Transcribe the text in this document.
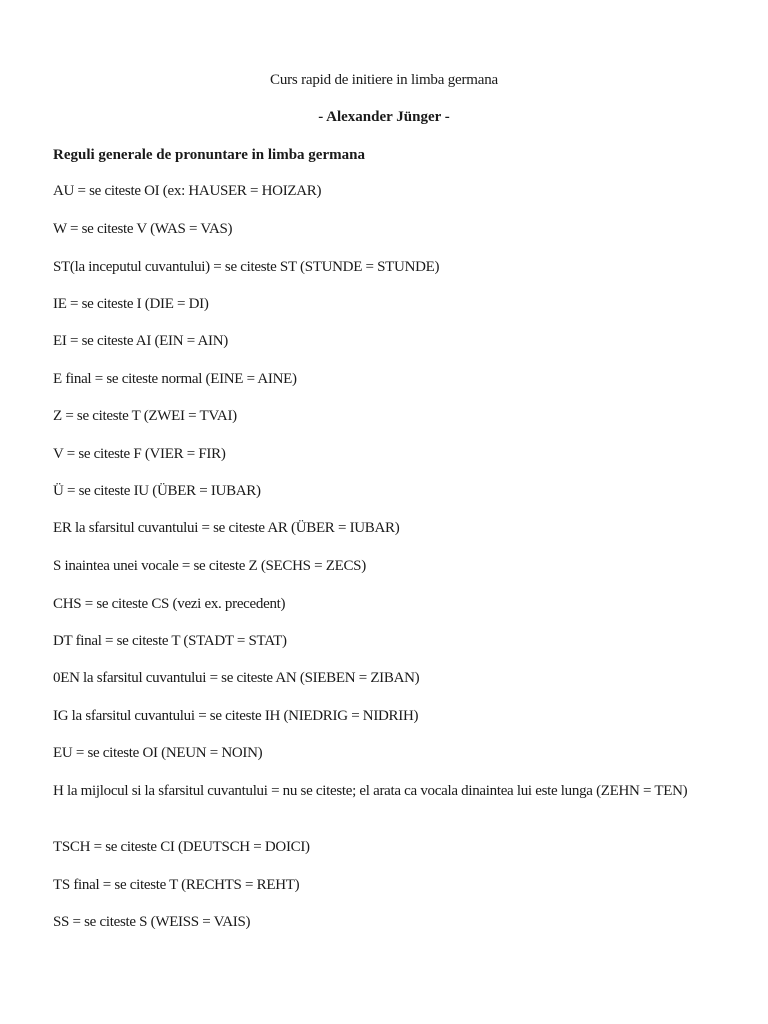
Curs rapid de initiere in limba germana
- Alexander Jünger -
Reguli generale de pronuntare in limba germana
AU = se citeste OI (ex: HAUSER = HOIZAR)
W = se citeste V (WAS = VAS)
ST(la inceputul cuvantului) = se citeste ST (STUNDE = STUNDE)
IE = se citeste I (DIE = DI)
EI = se citeste AI (EIN = AIN)
E final = se citeste normal (EINE = AINE)
Z = se citeste T (ZWEI = TVAI)
V = se citeste F (VIER = FIR)
Ü = se citeste IU (ÜBER = IUBAR)
ER la sfarsitul cuvantului = se citeste AR (ÜBER = IUBAR)
S inaintea unei vocale = se citeste Z (SECHS = ZECS)
CHS = se citeste CS (vezi ex. precedent)
DT final = se citeste T (STADT = STAT)
0EN la sfarsitul cuvantului = se citeste AN (SIEBEN = ZIBAN)
IG la sfarsitul cuvantului = se citeste IH (NIEDRIG = NIDRIH)
EU = se citeste OI (NEUN = NOIN)
H la mijlocul si la sfarsitul cuvantului = nu se citeste; el arata ca vocala dinaintea lui este lunga (ZEHN = TEN)
TSCH = se citeste CI (DEUTSCH = DOICI)
TS final = se citeste T (RECHTS = REHT)
SS = se citeste S (WEISS = VAIS)
